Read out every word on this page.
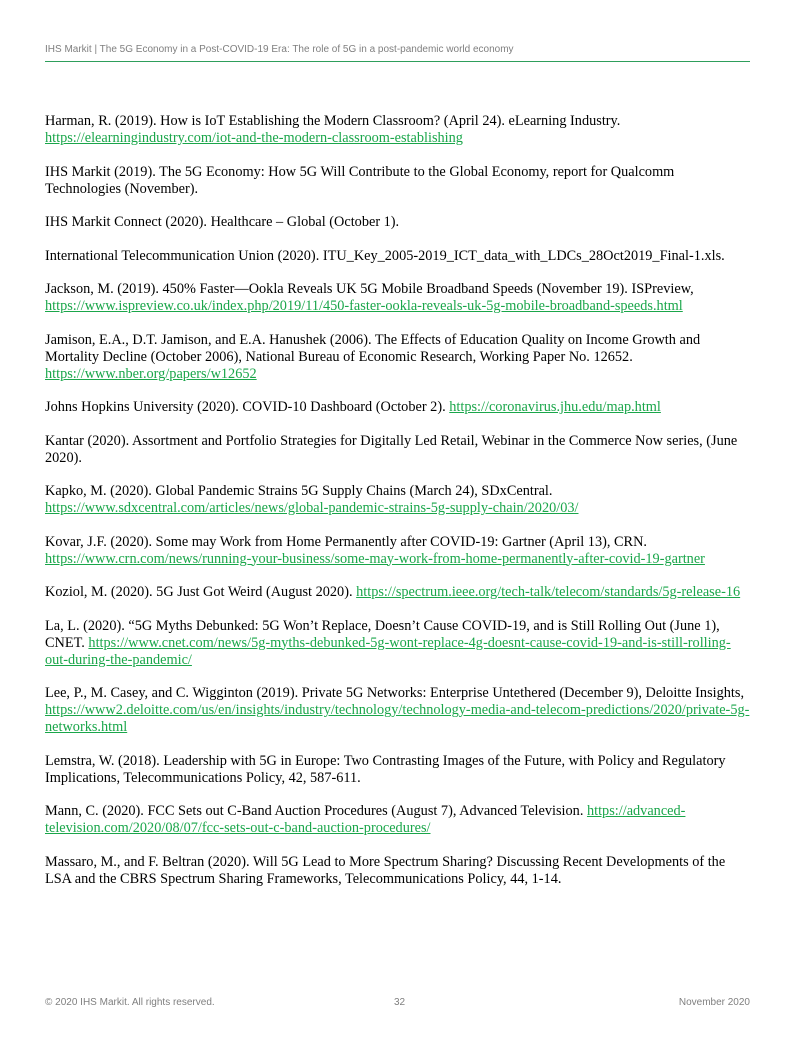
IHS Markit | The 5G Economy in a Post-COVID-19 Era: The role of 5G in a post-pandemic world economy

Harman, R. (2019). How is IoT Establishing the Modern Classroom? (April 24). eLearning Industry. https://elearningindustry.com/iot-and-the-modern-classroom-establishing

IHS Markit (2019). The 5G Economy: How 5G Will Contribute to the Global Economy, report for Qualcomm Technologies (November).

IHS Markit Connect (2020). Healthcare – Global (October 1).

International Telecommunication Union (2020). ITU_Key_2005-2019_ICT_data_with_LDCs_28Oct2019_Final-1.xls.

Jackson, M. (2019). 450% Faster—Ookla Reveals UK 5G Mobile Broadband Speeds (November 19). ISPreview, https://www.ispreview.co.uk/index.php/2019/11/450-faster-ookla-reveals-uk-5g-mobile-broadband-speeds.html

Jamison, E.A., D.T. Jamison, and E.A. Hanushek (2006). The Effects of Education Quality on Income Growth and Mortality Decline (October 2006), National Bureau of Economic Research, Working Paper No. 12652. https://www.nber.org/papers/w12652

Johns Hopkins University (2020). COVID-10 Dashboard (October 2). https://coronavirus.jhu.edu/map.html

Kantar (2020). Assortment and Portfolio Strategies for Digitally Led Retail, Webinar in the Commerce Now series, (June 2020).

Kapko, M. (2020). Global Pandemic Strains 5G Supply Chains (March 24), SDxCentral. https://www.sdxcentral.com/articles/news/global-pandemic-strains-5g-supply-chain/2020/03/

Kovar, J.F. (2020). Some may Work from Home Permanently after COVID-19: Gartner (April 13), CRN. https://www.crn.com/news/running-your-business/some-may-work-from-home-permanently-after-covid-19-gartner

Koziol, M. (2020). 5G Just Got Weird (August 2020). https://spectrum.ieee.org/tech-talk/telecom/standards/5g-release-16

La, L. (2020). “5G Myths Debunked: 5G Won’t Replace, Doesn’t Cause COVID-19, and is Still Rolling Out (June 1), CNET. https://www.cnet.com/news/5g-myths-debunked-5g-wont-replace-4g-doesnt-cause-covid-19-and-is-still-rolling-out-during-the-pandemic/

Lee, P., M. Casey, and C. Wigginton (2019). Private 5G Networks: Enterprise Untethered (December 9), Deloitte Insights, https://www2.deloitte.com/us/en/insights/industry/technology/technology-media-and-telecom-predictions/2020/private-5g-networks.html

Lemstra, W. (2018). Leadership with 5G in Europe: Two Contrasting Images of the Future, with Policy and Regulatory Implications, Telecommunications Policy, 42, 587-611.

Mann, C. (2020). FCC Sets out C-Band Auction Procedures (August 7), Advanced Television. https://advanced-television.com/2020/08/07/fcc-sets-out-c-band-auction-procedures/

Massaro, M., and F. Beltran (2020). Will 5G Lead to More Spectrum Sharing? Discussing Recent Developments of the LSA and the CBRS Spectrum Sharing Frameworks, Telecommunications Policy, 44, 1-14.

© 2020 IHS Markit. All rights reserved.	32	November 2020
